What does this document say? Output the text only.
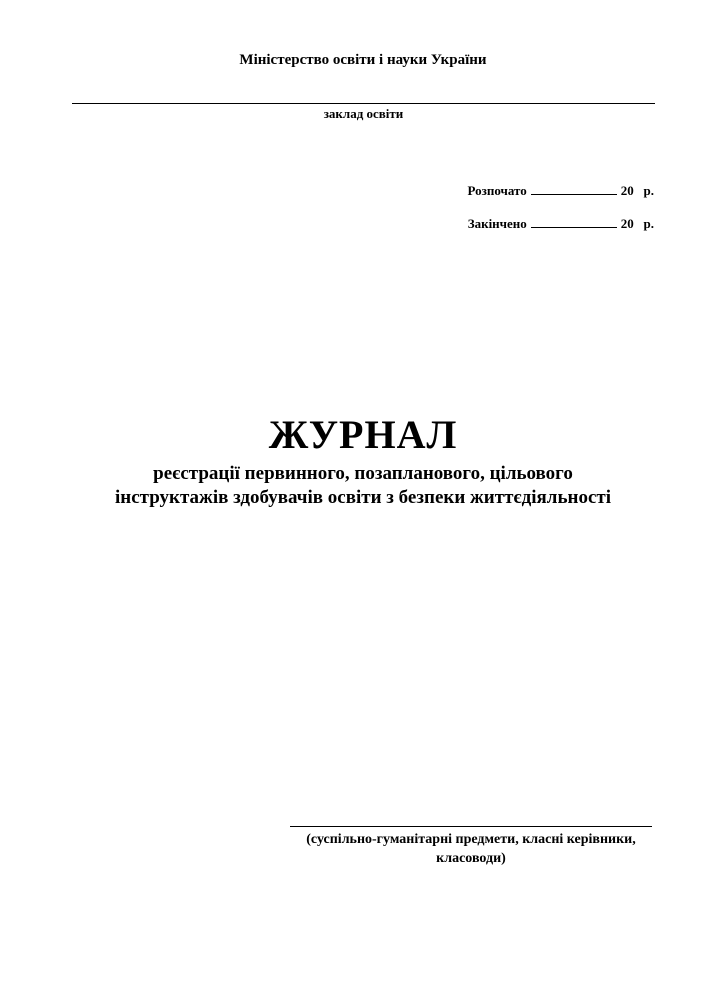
Міністерство освіти і науки України
заклад освіти
Розпочато	20 р.
Закінчено	20 р.
ЖУРНАЛ
реєстрації первинного, позапланового, цільового
інструктажів здобувачів освіти з безпеки життєдіяльності
(суспільно-гуманітарні предмети, класні керівники,
класоводи)
